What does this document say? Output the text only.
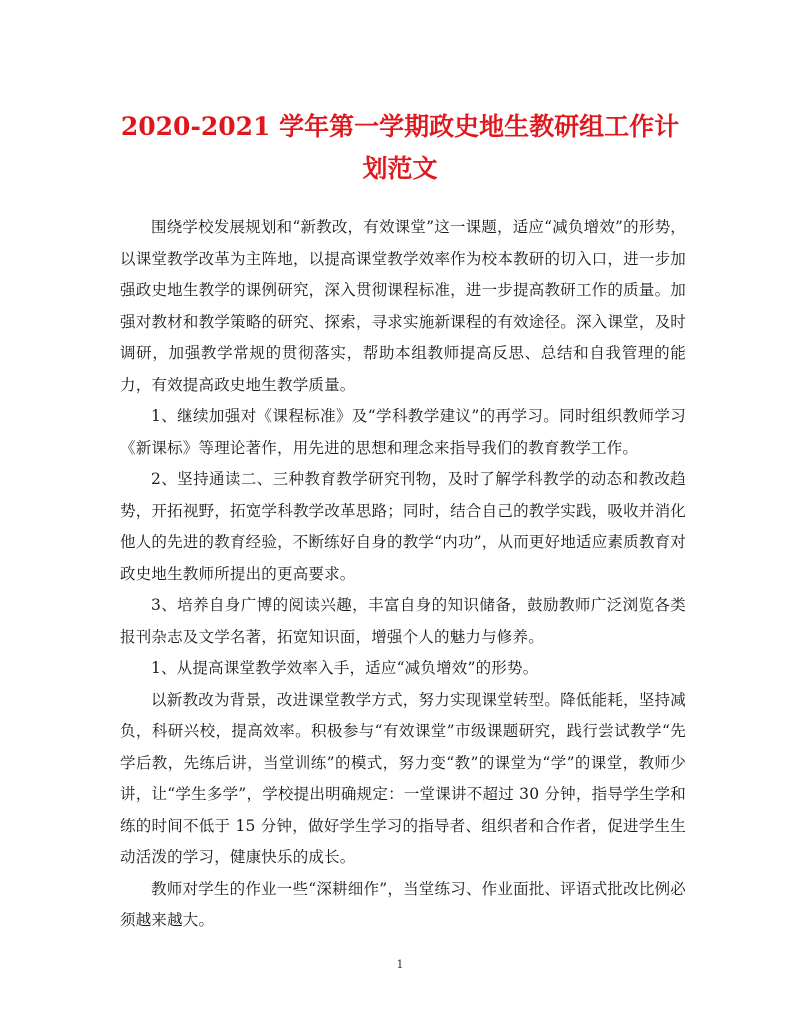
2020-2021 学年第一学期政史地生教研组工作计划范文

围绕学校发展规划和“新教改，有效课堂”这一课题，适应“减负增效”的形势，以课堂教学改革为主阵地，以提高课堂教学效率作为校本教研的切入口，进一步加强政史地生教学的课例研究，深入贯彻课程标准，进一步提高教研工作的质量。加强对教材和教学策略的研究、探索，寻求实施新课程的有效途径。深入课堂，及时调研，加强教学常规的贯彻落实，帮助本组教师提高反思、总结和自我管理的能力，有效提高政史地生教学质量。

1、继续加强对《课程标准》及“学科教学建议”的再学习。同时组织教师学习《新课标》等理论著作，用先进的思想和理念来指导我们的教育教学工作。

2、坚持通读二、三种教育教学研究刊物，及时了解学科教学的动态和教改趋势，开拓视野，拓宽学科教学改革思路；同时，结合自己的教学实践，吸收并消化他人的先进的教育经验，不断练好自身的教学“内功”，从而更好地适应素质教育对政史地生教师所提出的更高要求。

3、培养自身广博的阅读兴趣，丰富自身的知识储备，鼓励教师广泛浏览各类报刊杂志及文学名著，拓宽知识面，增强个人的魅力与修养。

1、从提高课堂教学效率入手，适应“减负增效”的形势。

以新教改为背景，改进课堂教学方式，努力实现课堂转型。降低能耗，坚持减负，科研兴校，提高效率。积极参与“有效课堂”市级课题研究，践行尝试教学“先学后教，先练后讲，当堂训练”的模式，努力变“教”的课堂为“学”的课堂，教师少讲，让“学生多学”，学校提出明确规定：一堂课讲不超过 30 分钟，指导学生学和练的时间不低于 15 分钟，做好学生学习的指导者、组织者和合作者，促进学生生动活泼的学习，健康快乐的成长。

教师对学生的作业一些“深耕细作”，当堂练习、作业面批、评语式批改比例必须越来越大。

1
